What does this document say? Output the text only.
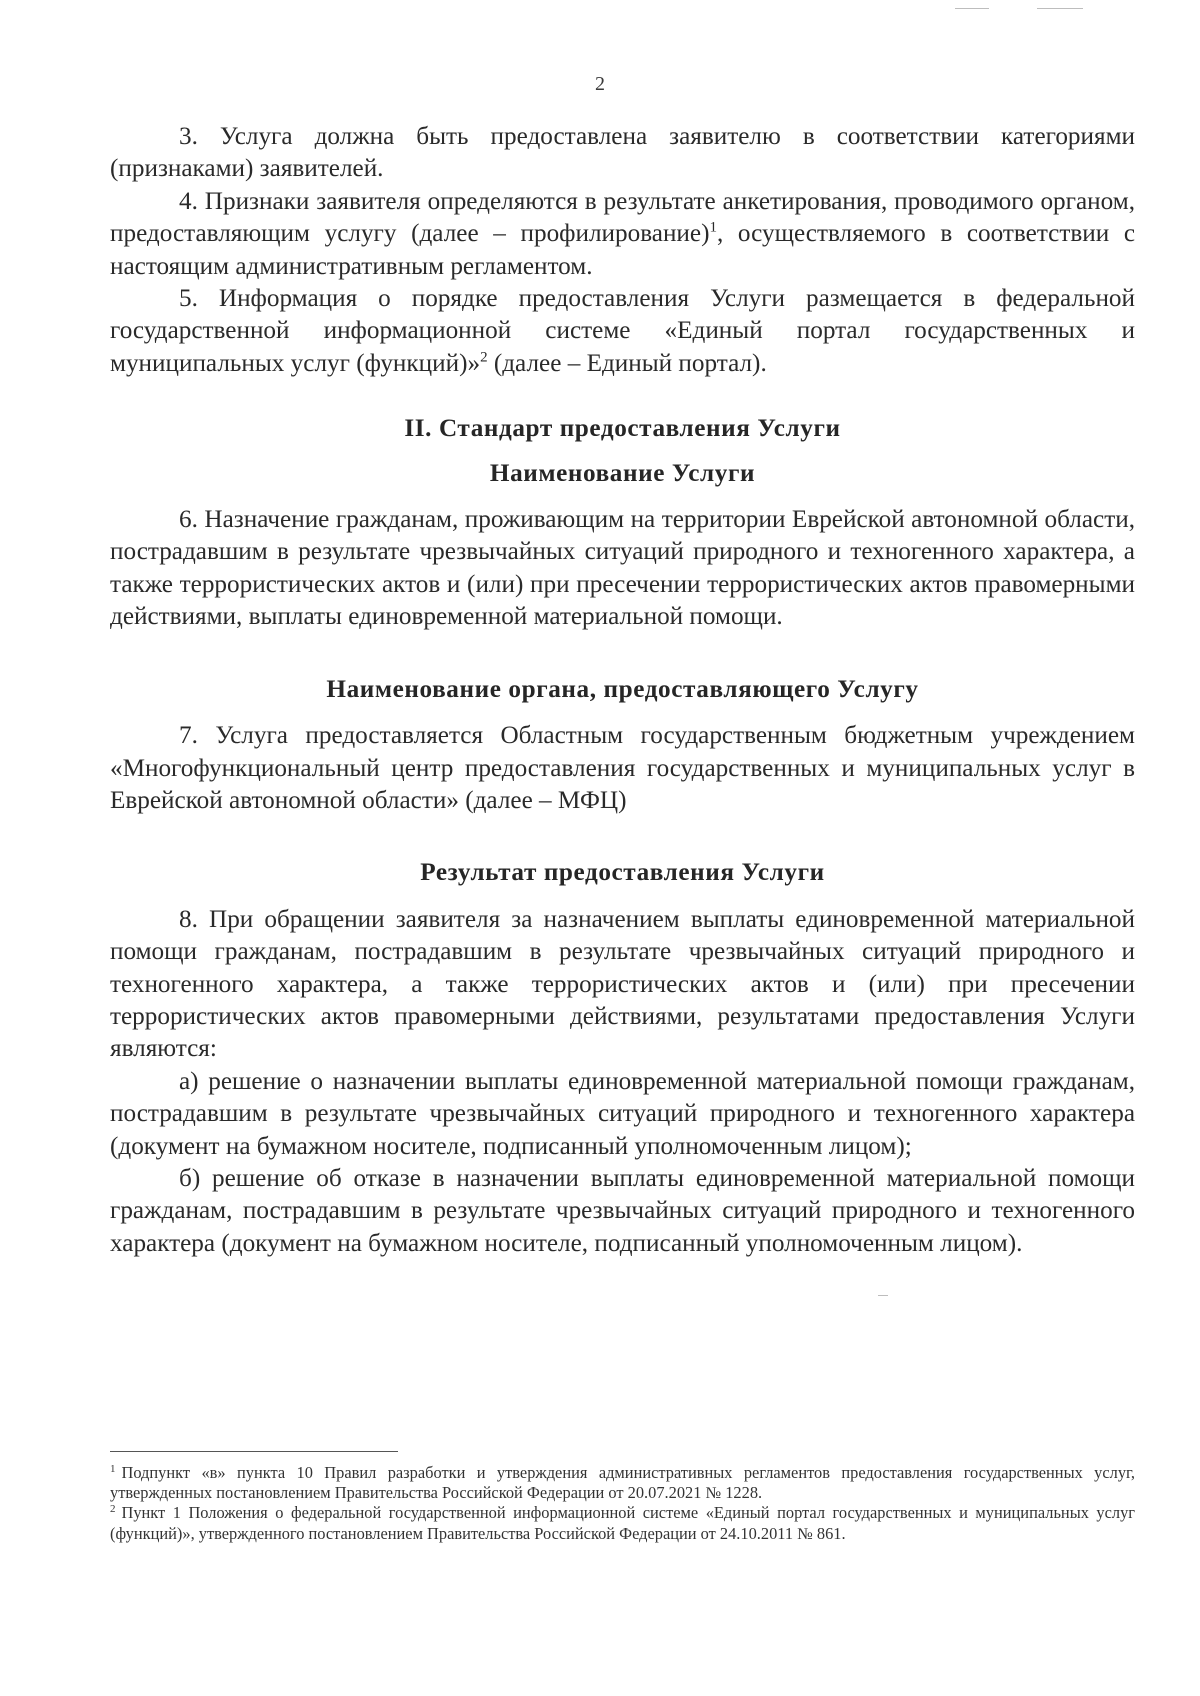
2

3. Услуга должна быть предоставлена заявителю в соответствии категориями (признаками) заявителей.

4. Признаки заявителя определяются в результате анкетирования, проводимого органом, предоставляющим услугу (далее – профилирование)$^1$, осуществляемого в соответствии с настоящим административным регламентом.

5. Информация о порядке предоставления Услуги размещается в федеральной государственной информационной системе «Единый портал государственных и муниципальных услуг (функций)»$^2$ (далее – Единый портал).

II. Стандарт предоставления Услуги
Наименование Услуги

6. Назначение гражданам, проживающим на территории Еврейской автономной области, пострадавшим в результате чрезвычайных ситуаций природного и техногенного характера, а также террористических актов и (или) при пресечении террористических актов правомерными действиями, выплаты единовременной материальной помощи.

Наименование органа, предоставляющего Услугу

7. Услуга предоставляется Областным государственным бюджетным учреждением «Многофункциональный центр предоставления государственных и муниципальных услуг в Еврейской автономной области» (далее – МФЦ)

Результат предоставления Услуги

8. При обращении заявителя за назначением выплаты единовременной материальной помощи гражданам, пострадавшим в результате чрезвычайных ситуаций природного и техногенного характера, а также террористических актов и (или) при пресечении террористических актов правомерными действиями, результатами предоставления Услуги являются:

а) решение о назначении выплаты единовременной материальной помощи гражданам, пострадавшим в результате чрезвычайных ситуаций природного и техногенного характера (документ на бумажном носителе, подписанный уполномоченным лицом);

б) решение об отказе в назначении выплаты единовременной материальной помощи гражданам, пострадавшим в результате чрезвычайных ситуаций природного и техногенного характера (документ на бумажном носителе, подписанный уполномоченным лицом).

$^1$ Подпункт «в» пункта 10 Правил разработки и утверждения административных регламентов предоставления государственных услуг, утвержденных постановлением Правительства Российской Федерации от 20.07.2021 № 1228.

$^2$ Пункт 1 Положения о федеральной государственной информационной системе «Единый портал государственных и муниципальных услуг (функций)», утвержденного постановлением Правительства Российской Федерации от 24.10.2011 № 861.
